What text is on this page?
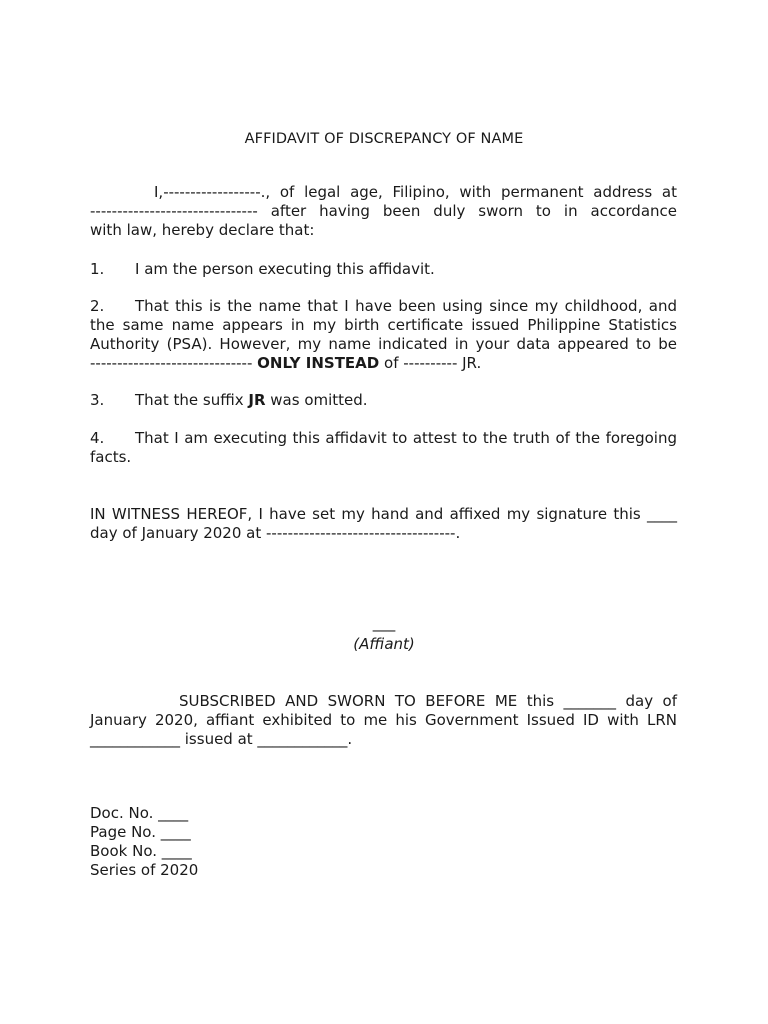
AFFIDAVIT OF DISCREPANCY OF NAME
I,------------------., of legal age, Filipino, with permanent address at
------------------------------- after having been duly sworn to in accordance
with law, hereby declare that:
1. I am the person executing this affidavit.
2. That this is the name that I have been using since my childhood, and
the same name appears in my birth certificate issued Philippine Statistics
Authority (PSA). However, my name indicated in your data appeared to be
------------------------------ ONLY INSTEAD of ---------- JR.
3. That the suffix JR was omitted.
4. That I am executing this affidavit to attest to the truth of the foregoing
facts.
IN WITNESS HEREOF, I have set my hand and affixed my signature this ____
day of January 2020 at -----------------------------------.
___
(Affiant)
SUBSCRIBED AND SWORN TO BEFORE ME this _______ day of
January 2020, affiant exhibited to me his Government Issued ID with LRN
____________ issued at ____________.
Doc. No. ____
Page No. ____
Book No. ____
Series of 2020
